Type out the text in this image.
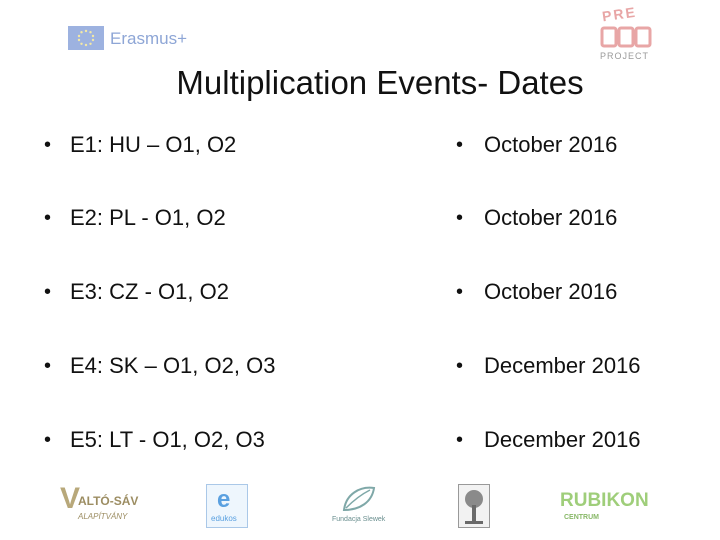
Erasmus+
PRE
PROJECT
Multiplication Events- Dates
• E1: HU – O1, O2	• October 2016
• E2: PL - O1, O2	• October 2016
• E3: CZ - O1, O2	• October 2016
• E4: SK – O1, O2, O3	• December 2016
• E5: LT - O1, O2, O3	• December 2016
V
ALTÓ-SÁV
ALAPÍTVÁNY
e
edukos	Fundacja Slewek
RUBIKON
CENTRUM
